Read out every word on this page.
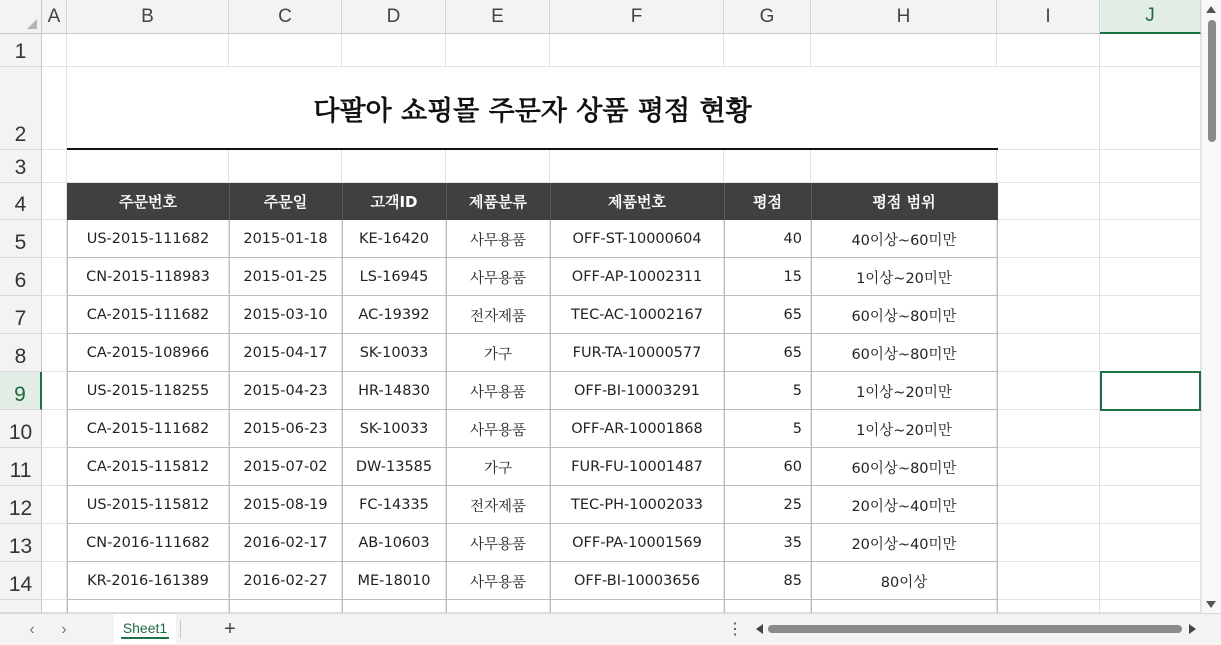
A	B	C	D	E	F	G	H	I	J
1
2
3
4
5
6
7
8
9
10
11
12
13
14
다팔아 쇼핑몰 주문자 상품 평점 현황
주문번호	주문일	고객ID	제품분류	제품번호	평점	평점 범위
US-2015-111682	2015-01-18	KE-16420	사무용품	OFF-ST-10000604	40	40이상~60미만
CN-2015-118983	2015-01-25	LS-16945	사무용품	OFF-AP-10002311	15	1이상~20미만
CA-2015-111682	2015-03-10	AC-19392	전자제품	TEC-AC-10002167	65	60이상~80미만
CA-2015-108966	2015-04-17	SK-10033	가구	FUR-TA-10000577	65	60이상~80미만
US-2015-118255	2015-04-23	HR-14830	사무용품	OFF-BI-10003291	5	1이상~20미만
CA-2015-111682	2015-06-23	SK-10033	사무용품	OFF-AR-10001868	5	1이상~20미만
CA-2015-115812	2015-07-02	DW-13585	가구	FUR-FU-10001487	60	60이상~80미만
US-2015-115812	2015-08-19	FC-14335	전자제품	TEC-PH-10002033	25	20이상~40미만
CN-2016-111682	2016-02-17	AB-10603	사무용품	OFF-PA-10001569	35	20이상~40미만
KR-2016-161389	2016-02-27	ME-18010	사무용품	OFF-BI-10003656	85	80이상
‹	›	Sheet1	+	⋮
